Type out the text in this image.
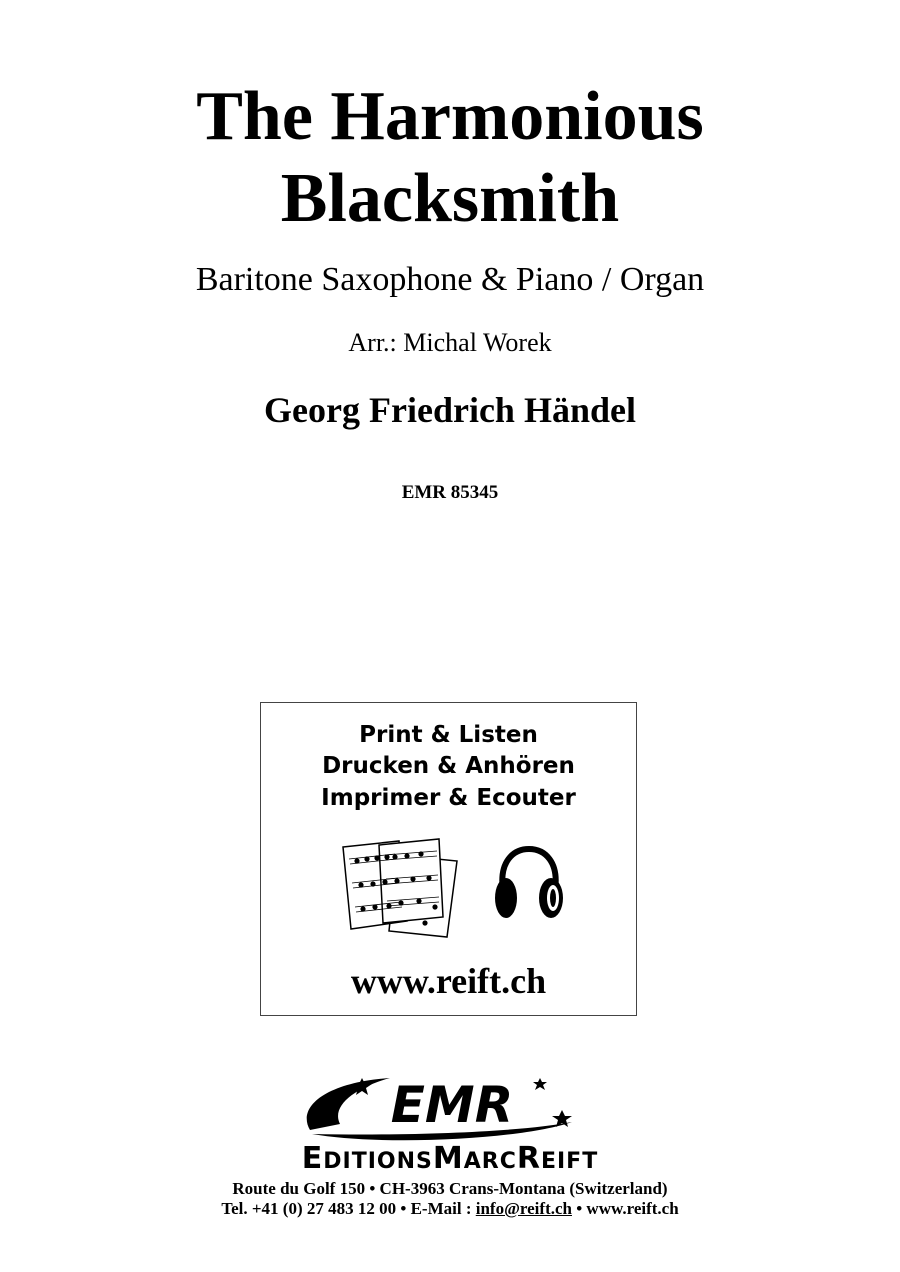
The Harmonious
Blacksmith
Baritone Saxophone & Piano / Organ
Arr.: Michal Worek
Georg Friedrich Händel
EMR 85345
Print & Listen
Drucken & Anhören
Imprimer & Ecouter
www.reift.ch
EMR
EDITIONSMARCREIFT
Route du Golf 150 • CH-3963 Crans-Montana (Switzerland)
Tel. +41 (0) 27 483 12 00 • E-Mail : info@reift.ch • www.reift.ch
